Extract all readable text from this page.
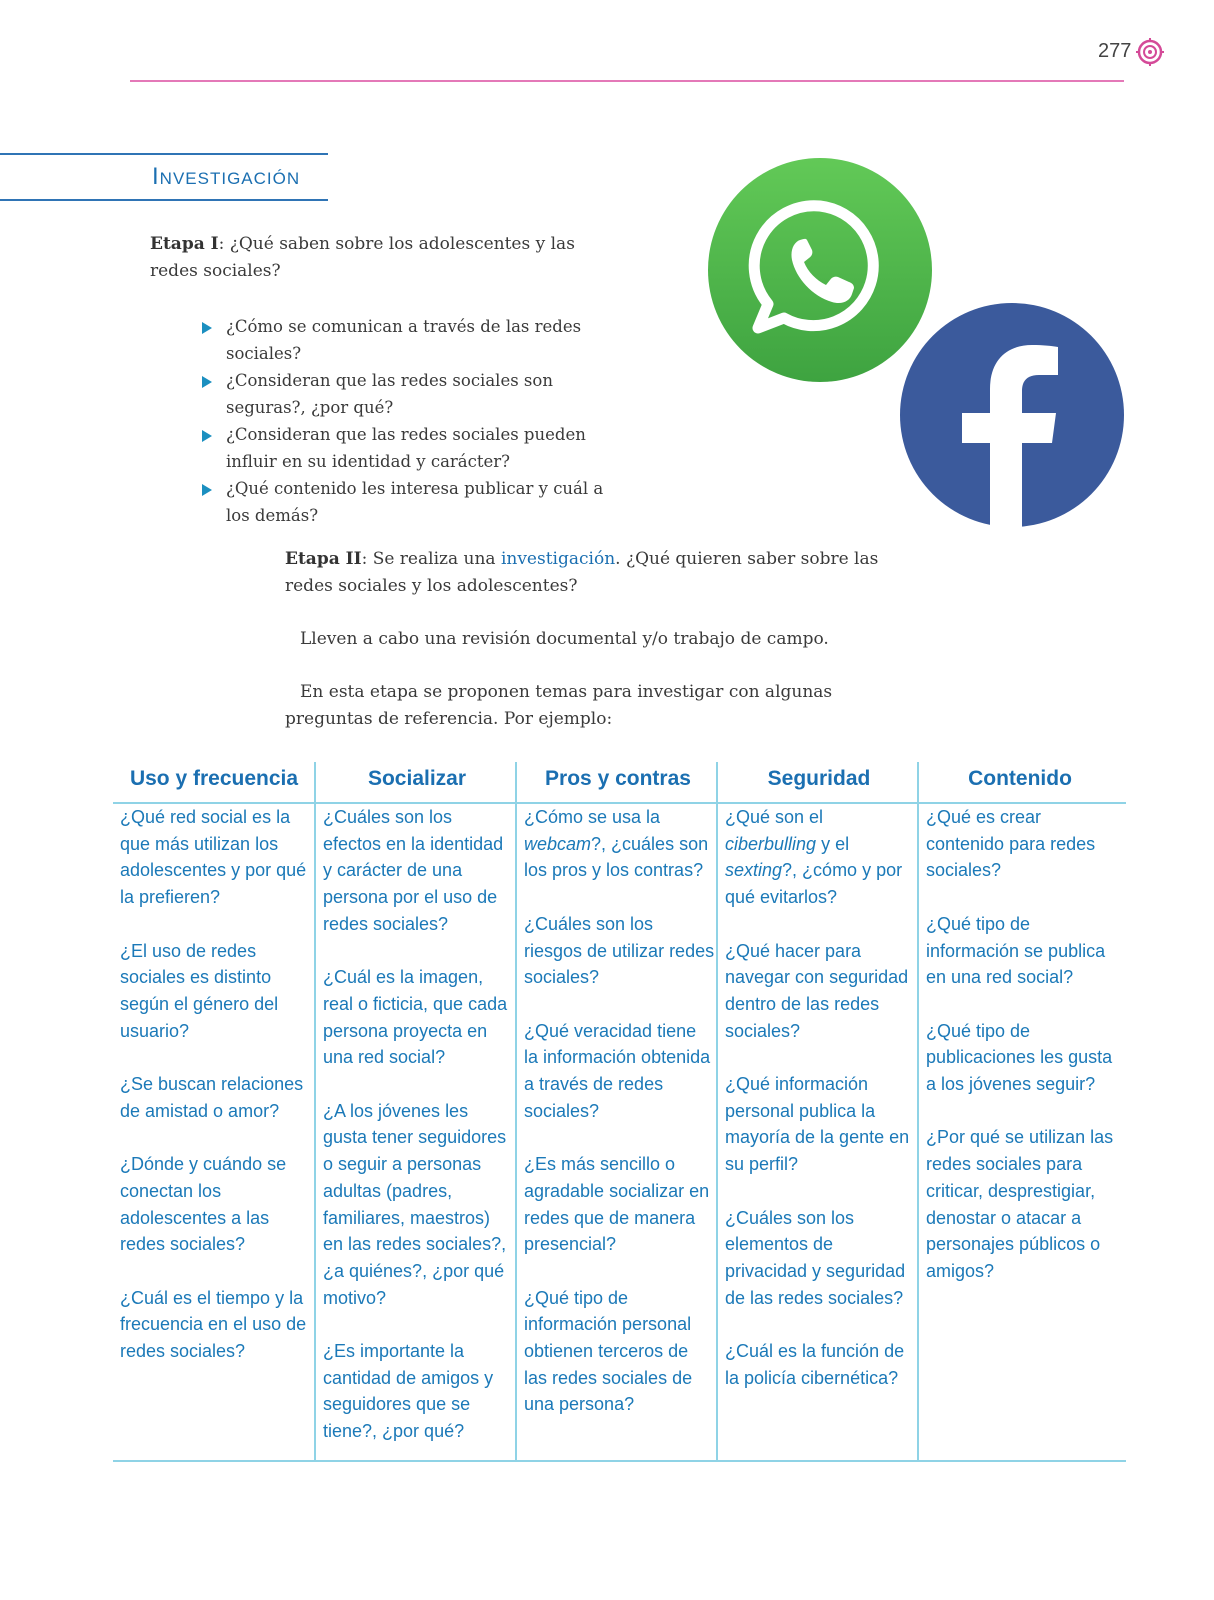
277
Investigación
Etapa I: ¿Qué saben sobre los adolescentes y las redes sociales?
¿Cómo se comunican a través de las redes sociales?
¿Consideran que las redes sociales son seguras?, ¿por qué?
¿Consideran que las redes sociales pueden influir en su identidad y carácter?
¿Qué contenido les interesa publicar y cuál a los demás?
Etapa II: Se realiza una investigación. ¿Qué quieren saber sobre las redes sociales y los adolescentes?
Lleven a cabo una revisión documental y/o trabajo de campo.
En esta etapa se proponen temas para investigar con algunas preguntas de referencia. Por ejemplo:
Uso y frecuencia

¿Qué red social es la que más utilizan los adolescentes y por qué la prefieren?

¿El uso de redes sociales es distinto según el género del usuario?

¿Se buscan relaciones de amistad o amor?

¿Dónde y cuándo se conectan los adolescentes a las redes sociales?

¿Cuál es el tiempo y la frecuencia en el uso de redes sociales?

Socializar

¿Cuáles son los efectos en la identidad y carácter de una persona por el uso de redes sociales?

¿Cuál es la imagen, real o ficticia, que cada persona proyecta en una red social?

¿A los jóvenes les gusta tener seguidores o seguir a personas adultas (padres, familiares, maestros) en las redes sociales?, ¿a quiénes?, ¿por qué motivo?

¿Es importante la cantidad de amigos y seguidores que se tiene?, ¿por qué?

Pros y contras

¿Cómo se usa la webcam?, ¿cuáles son los pros y los contras?

¿Cuáles son los riesgos de utilizar redes sociales?

¿Qué veracidad tiene la información obtenida a través de redes sociales?

¿Es más sencillo o agradable socializar en redes que de manera presencial?

¿Qué tipo de información personal obtienen terceros de las redes sociales de una persona?

Seguridad

¿Qué son el ciberbulling y el sexting?, ¿cómo y por qué evitarlos?

¿Qué hacer para navegar con seguridad dentro de las redes sociales?

¿Qué información personal publica la mayoría de la gente en su perfil?

¿Cuáles son los elementos de privacidad y seguridad de las redes sociales?

¿Cuál es la función de la policía cibernética?

Contenido

¿Qué es crear contenido para redes sociales?

¿Qué tipo de información se publica en una red social?

¿Qué tipo de publicaciones les gusta a los jóvenes seguir?

¿Por qué se utilizan las redes sociales para criticar, desprestigiar, denostar o atacar a personajes públicos o amigos?
